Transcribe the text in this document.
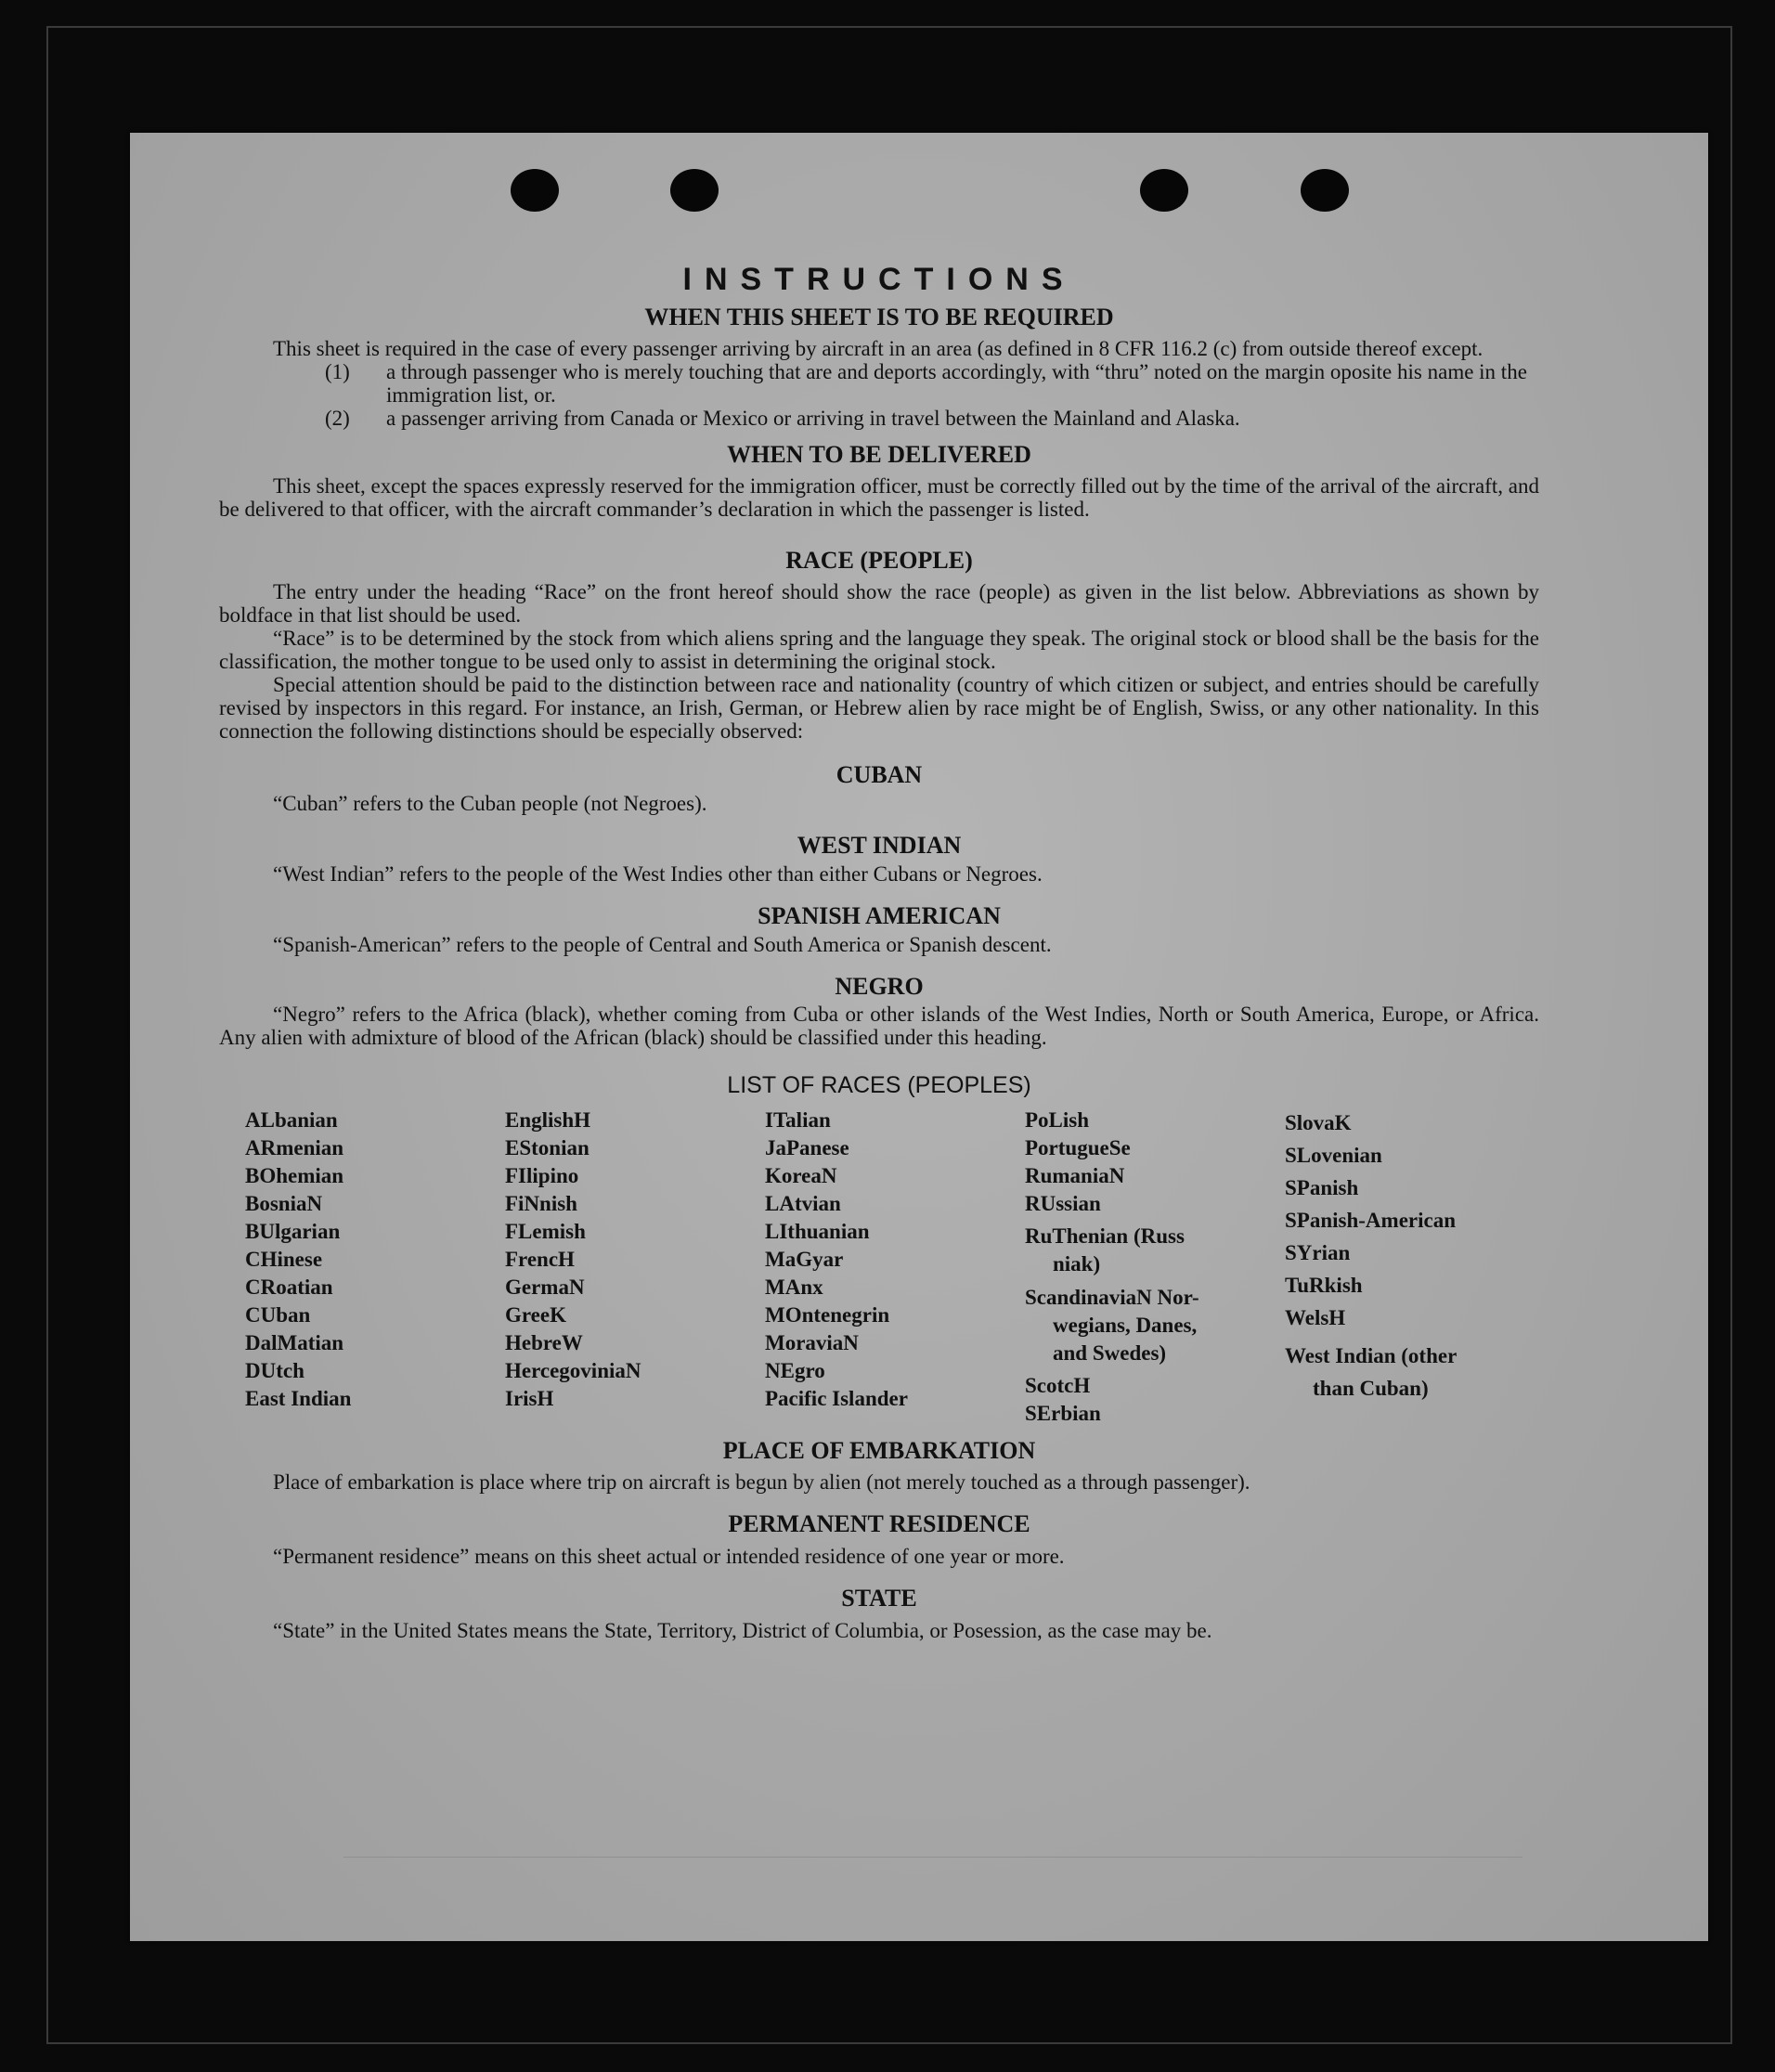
INSTRUCTIONS
WHEN THIS SHEET IS TO BE REQUIRED

This sheet is required in the case of every passenger arriving by aircraft in an area (as defined in 8 CFR 116.2 (c) from outside thereof except.

(1)	a through passenger who is merely touching that are and deports accordingly, with “thru” noted on the margin oposite his name in the immigration list, or.
(2)	a passenger arriving from Canada or Mexico or arriving in travel between the Mainland and Alaska.
WHEN TO BE DELIVERED

This sheet, except the spaces expressly reserved for the immigration officer, must be correctly filled out by the time of the arrival of the aircraft, and be delivered to that officer, with the aircraft commander’s declaration in which the passenger is listed.

RACE (PEOPLE)

The entry under the heading “Race” on the front hereof should show the race (people) as given in the list below. Abbreviations as shown by boldface in that list should be used.

“Race” is to be determined by the stock from which aliens spring and the language they speak. The original stock or blood shall be the basis for the classification, the mother tongue to be used only to assist in determining the original stock.

Special attention should be paid to the distinction between race and nationality (country of which citizen or subject, and entries should be carefully revised by inspectors in this regard. For instance, an Irish, German, or Hebrew alien by race might be of English, Swiss, or any other nationality. In this connection the following distinctions should be especially observed:

CUBAN
“Cuban” refers to the Cuban people (not Negroes).
WEST INDIAN
“West Indian” refers to the people of the West Indies other than either Cubans or Negroes.
SPANISH AMERICAN
“Spanish-American” refers to the people of Central and South America or Spanish descent.
NEGRO

“Negro” refers to the Africa (black), whether coming from Cuba or other islands of the West Indies, North or South America, Europe, or Africa. Any alien with admixture of blood of the African (black) should be classified under this heading.

LIST OF RACES (PEOPLES)
ALbanian
ARmenian
BOhemian
BosniaN
BUlgarian
CHinese
CRoatian
CUban
DalMatian
DUtch
East Indian
EnglishH
EStonian
FIlipino
FiNnish
FLemish
FrencH
GermaN
GreeK
HebreW
HercegoviniaN
IrisH
ITalian
JaPanese
KoreaN
LAtvian
LIthuanian
MaGyar
MAnx
MOntenegrin
MoraviaN
NEgro
Pacific Islander
PoLish
PortugueSe
RumaniaN
RUssian
RuThenian (Russ
niak)
ScandinaviaN Nor-
wegians, Danes,
and Swedes)
ScotcH
SErbian
SlovaK
SLovenian
SPanish
SPanish-American
SYrian
TuRkish
WelsH
West Indian (other
than Cuban)
PLACE OF EMBARKATION

Place of embarkation is place where trip on aircraft is begun by alien (not merely touched as a through passenger).

PERMANENT RESIDENCE
“Permanent residence” means on this sheet actual or intended residence of one year or more.
STATE
“State” in the United States means the State, Territory, District of Columbia, or Posession, as the case may be.
